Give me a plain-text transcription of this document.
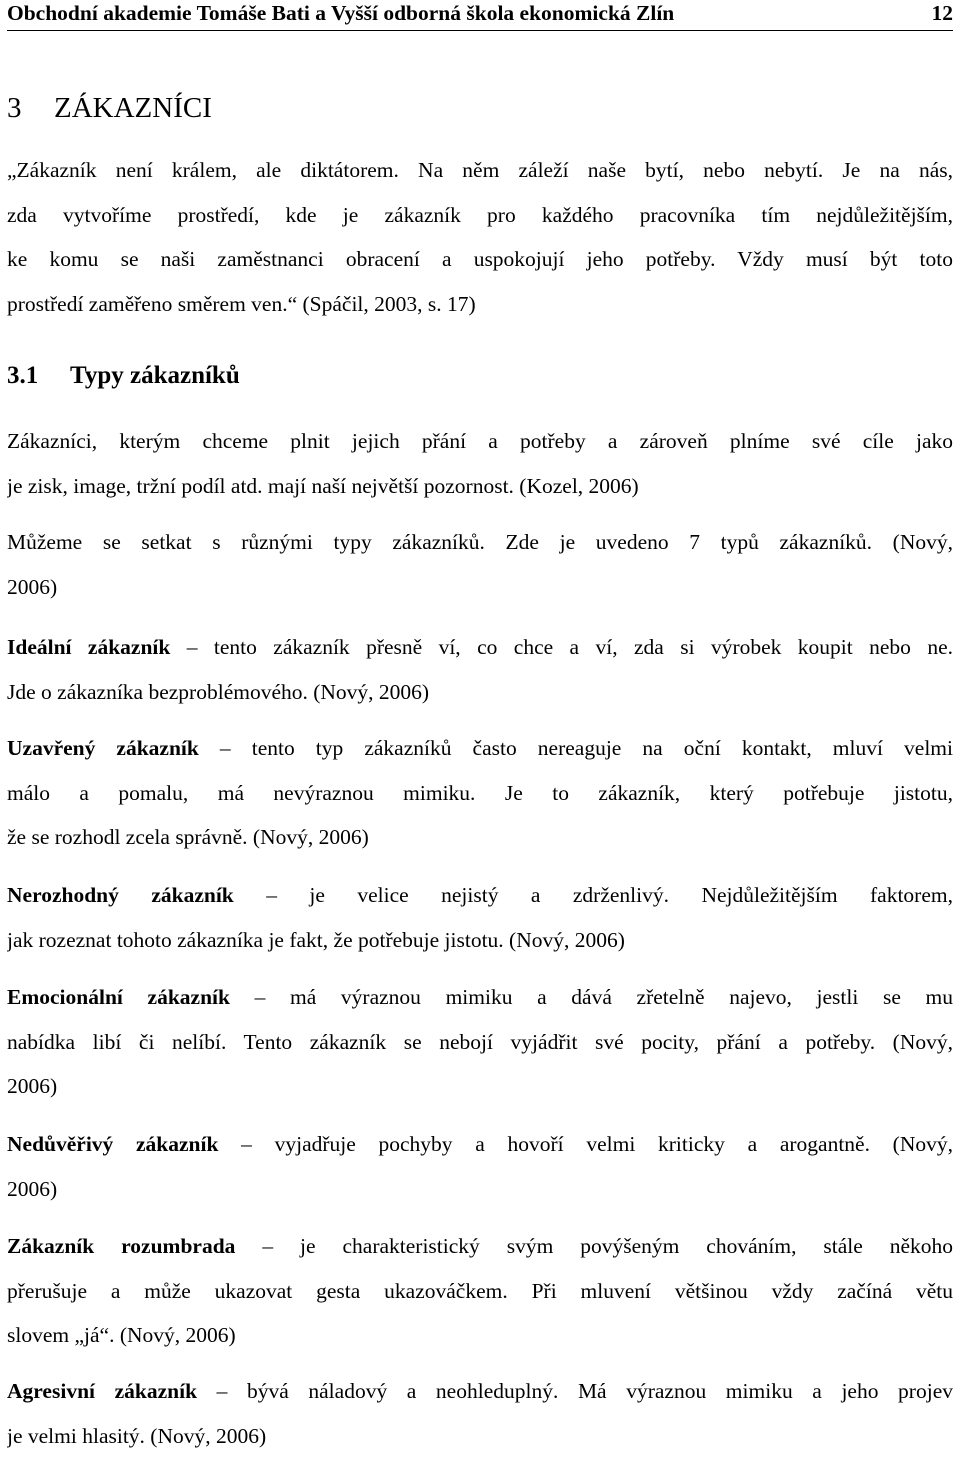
Obchodní akademie Tomáše Bati a Vyšší odborná škola ekonomická Zlín	12
3 ZÁKAZNÍCI
„Zákazník není králem, ale diktátorem. Na něm záleží naše bytí, nebo nebytí. Je na nás,
zda vytvoříme prostředí, kde je zákazník pro každého pracovníka tím nejdůležitějším,
ke komu se naši zaměstnanci obracení a uspokojují jeho potřeby. Vždy musí být toto
prostředí zaměřeno směrem ven.“ (Spáčil, 2003, s. 17)
3.1 Typy zákazníků
Zákazníci, kterým chceme plnit jejich přání a potřeby a zároveň plníme své cíle jako
je zisk, image, tržní podíl atd. mají naší největší pozornost. (Kozel, 2006)
Můžeme se setkat s různými typy zákazníků. Zde je uvedeno 7 typů zákazníků. (Nový,
2006)
Ideální zákazník – tento zákazník přesně ví, co chce a ví, zda si výrobek koupit nebo ne.
Jde o zákazníka bezproblémového. (Nový, 2006)
Uzavřený zákazník – tento typ zákazníků často nereaguje na oční kontakt, mluví velmi
málo a pomalu, má nevýraznou mimiku. Je to zákazník, který potřebuje jistotu,
že se rozhodl zcela správně. (Nový, 2006)
Nerozhodný zákazník – je velice nejistý a zdrženlivý. Nejdůležitějším faktorem,
jak rozeznat tohoto zákazníka je fakt, že potřebuje jistotu. (Nový, 2006)
Emocionální zákazník – má výraznou mimiku a dává zřetelně najevo, jestli se mu
nabídka libí či nelíbí. Tento zákazník se nebojí vyjádřit své pocity, přání a potřeby. (Nový,
2006)
Nedůvěřivý zákazník – vyjadřuje pochyby a hovoří velmi kriticky a arogantně. (Nový,
2006)
Zákazník rozumbrada – je charakteristický svým povýšeným chováním, stále někoho
přerušuje a může ukazovat gesta ukazováčkem. Při mluvení většinou vždy začíná větu
slovem „já“. (Nový, 2006)
Agresivní zákazník – bývá náladový a neohleduplný. Má výraznou mimiku a jeho projev
je velmi hlasitý. (Nový, 2006)
